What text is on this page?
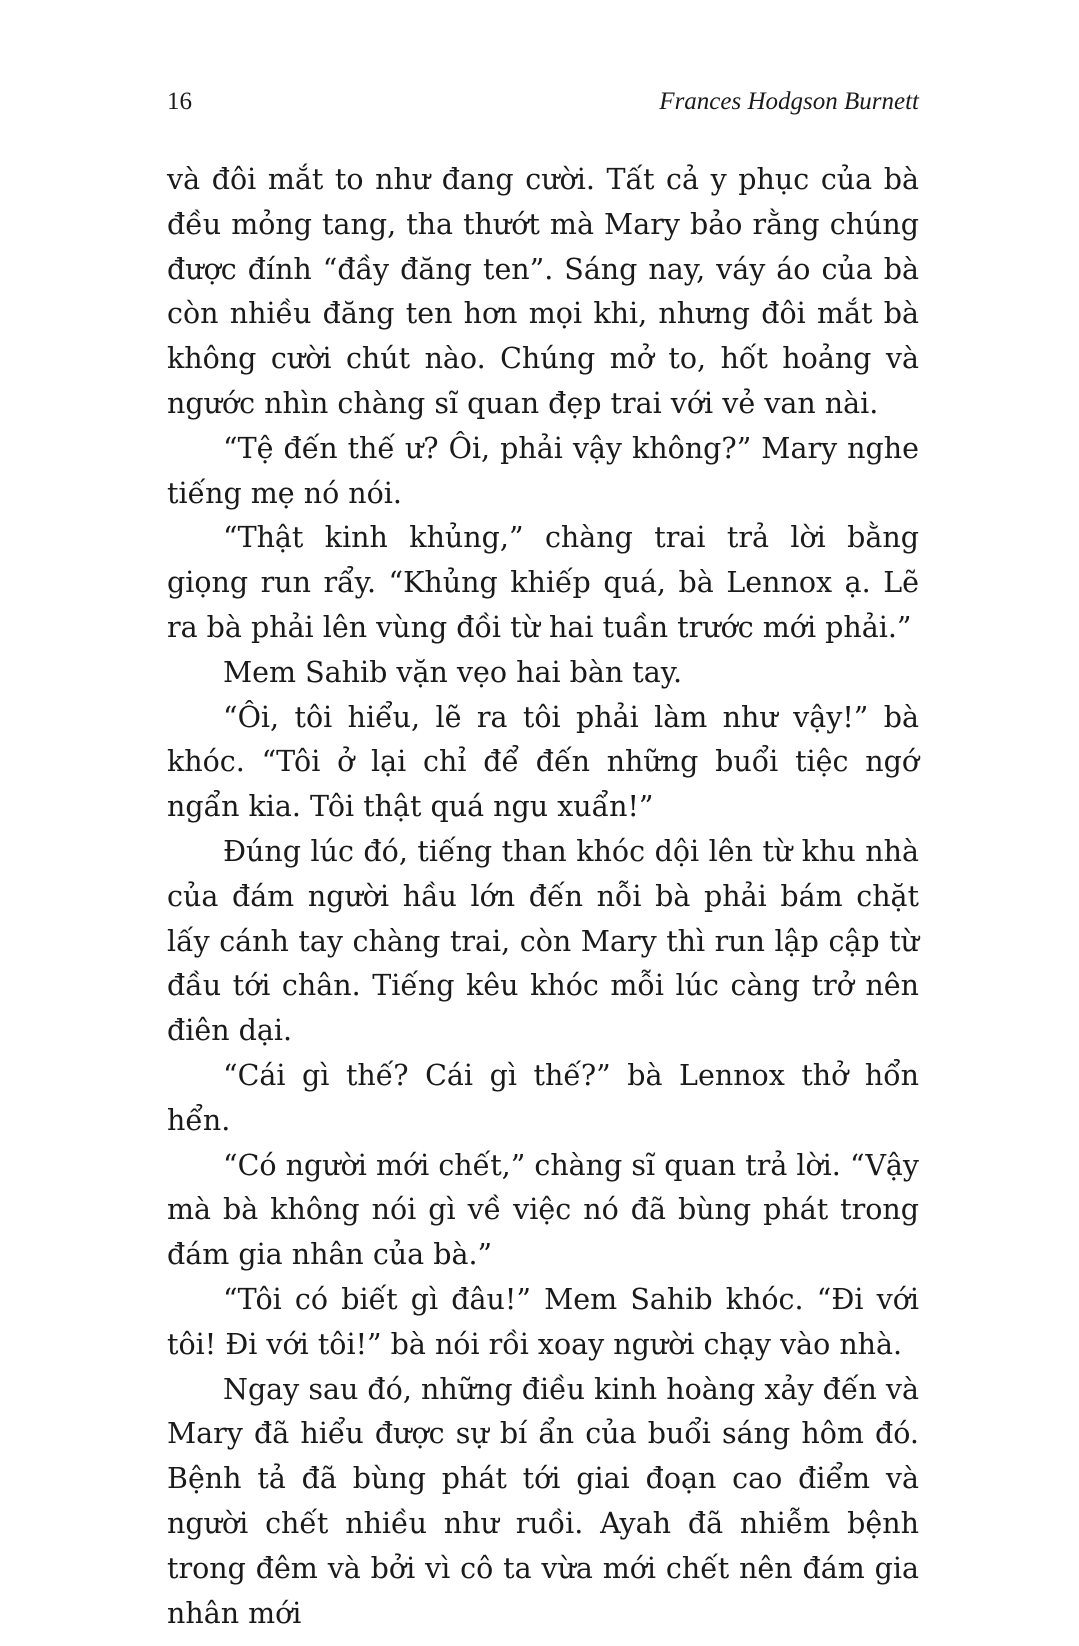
16	Frances Hodgson Burnett

và đôi mắt to như đang cười. Tất cả y phục của bà đều mỏng tang, tha thướt mà Mary bảo rằng chúng được đính “đầy đăng ten”. Sáng nay, váy áo của bà còn nhiều đăng ten hơn mọi khi, nhưng đôi mắt bà không cười chút nào. Chúng mở to, hốt hoảng và ngước nhìn chàng sĩ quan đẹp trai với vẻ van nài.

“Tệ đến thế ư? Ôi, phải vậy không?” Mary nghe tiếng mẹ nó nói.

“Thật kinh khủng,” chàng trai trả lời bằng giọng run rẩy. “Khủng khiếp quá, bà Lennox ạ. Lẽ ra bà phải lên vùng đồi từ hai tuần trước mới phải.”

Mem Sahib vặn vẹo hai bàn tay.

“Ôi, tôi hiểu, lẽ ra tôi phải làm như vậy!” bà khóc. “Tôi ở lại chỉ để đến những buổi tiệc ngớ ngẩn kia. Tôi thật quá ngu xuẩn!”

Đúng lúc đó, tiếng than khóc dội lên từ khu nhà của đám người hầu lớn đến nỗi bà phải bám chặt lấy cánh tay chàng trai, còn Mary thì run lập cập từ đầu tới chân. Tiếng kêu khóc mỗi lúc càng trở nên điên dại.

“Cái gì thế? Cái gì thế?” bà Lennox thở hổn hển.

“Có người mới chết,” chàng sĩ quan trả lời. “Vậy mà bà không nói gì về việc nó đã bùng phát trong đám gia nhân của bà.”

“Tôi có biết gì đâu!” Mem Sahib khóc. “Đi với tôi! Đi với tôi!” bà nói rồi xoay người chạy vào nhà.

Ngay sau đó, những điều kinh hoàng xảy đến và Mary đã hiểu được sự bí ẩn của buổi sáng hôm đó. Bệnh tả đã bùng phát tới giai đoạn cao điểm và người chết nhiều như ruồi. Ayah đã nhiễm bệnh trong đêm và bởi vì cô ta vừa mới chết nên đám gia nhân mới
